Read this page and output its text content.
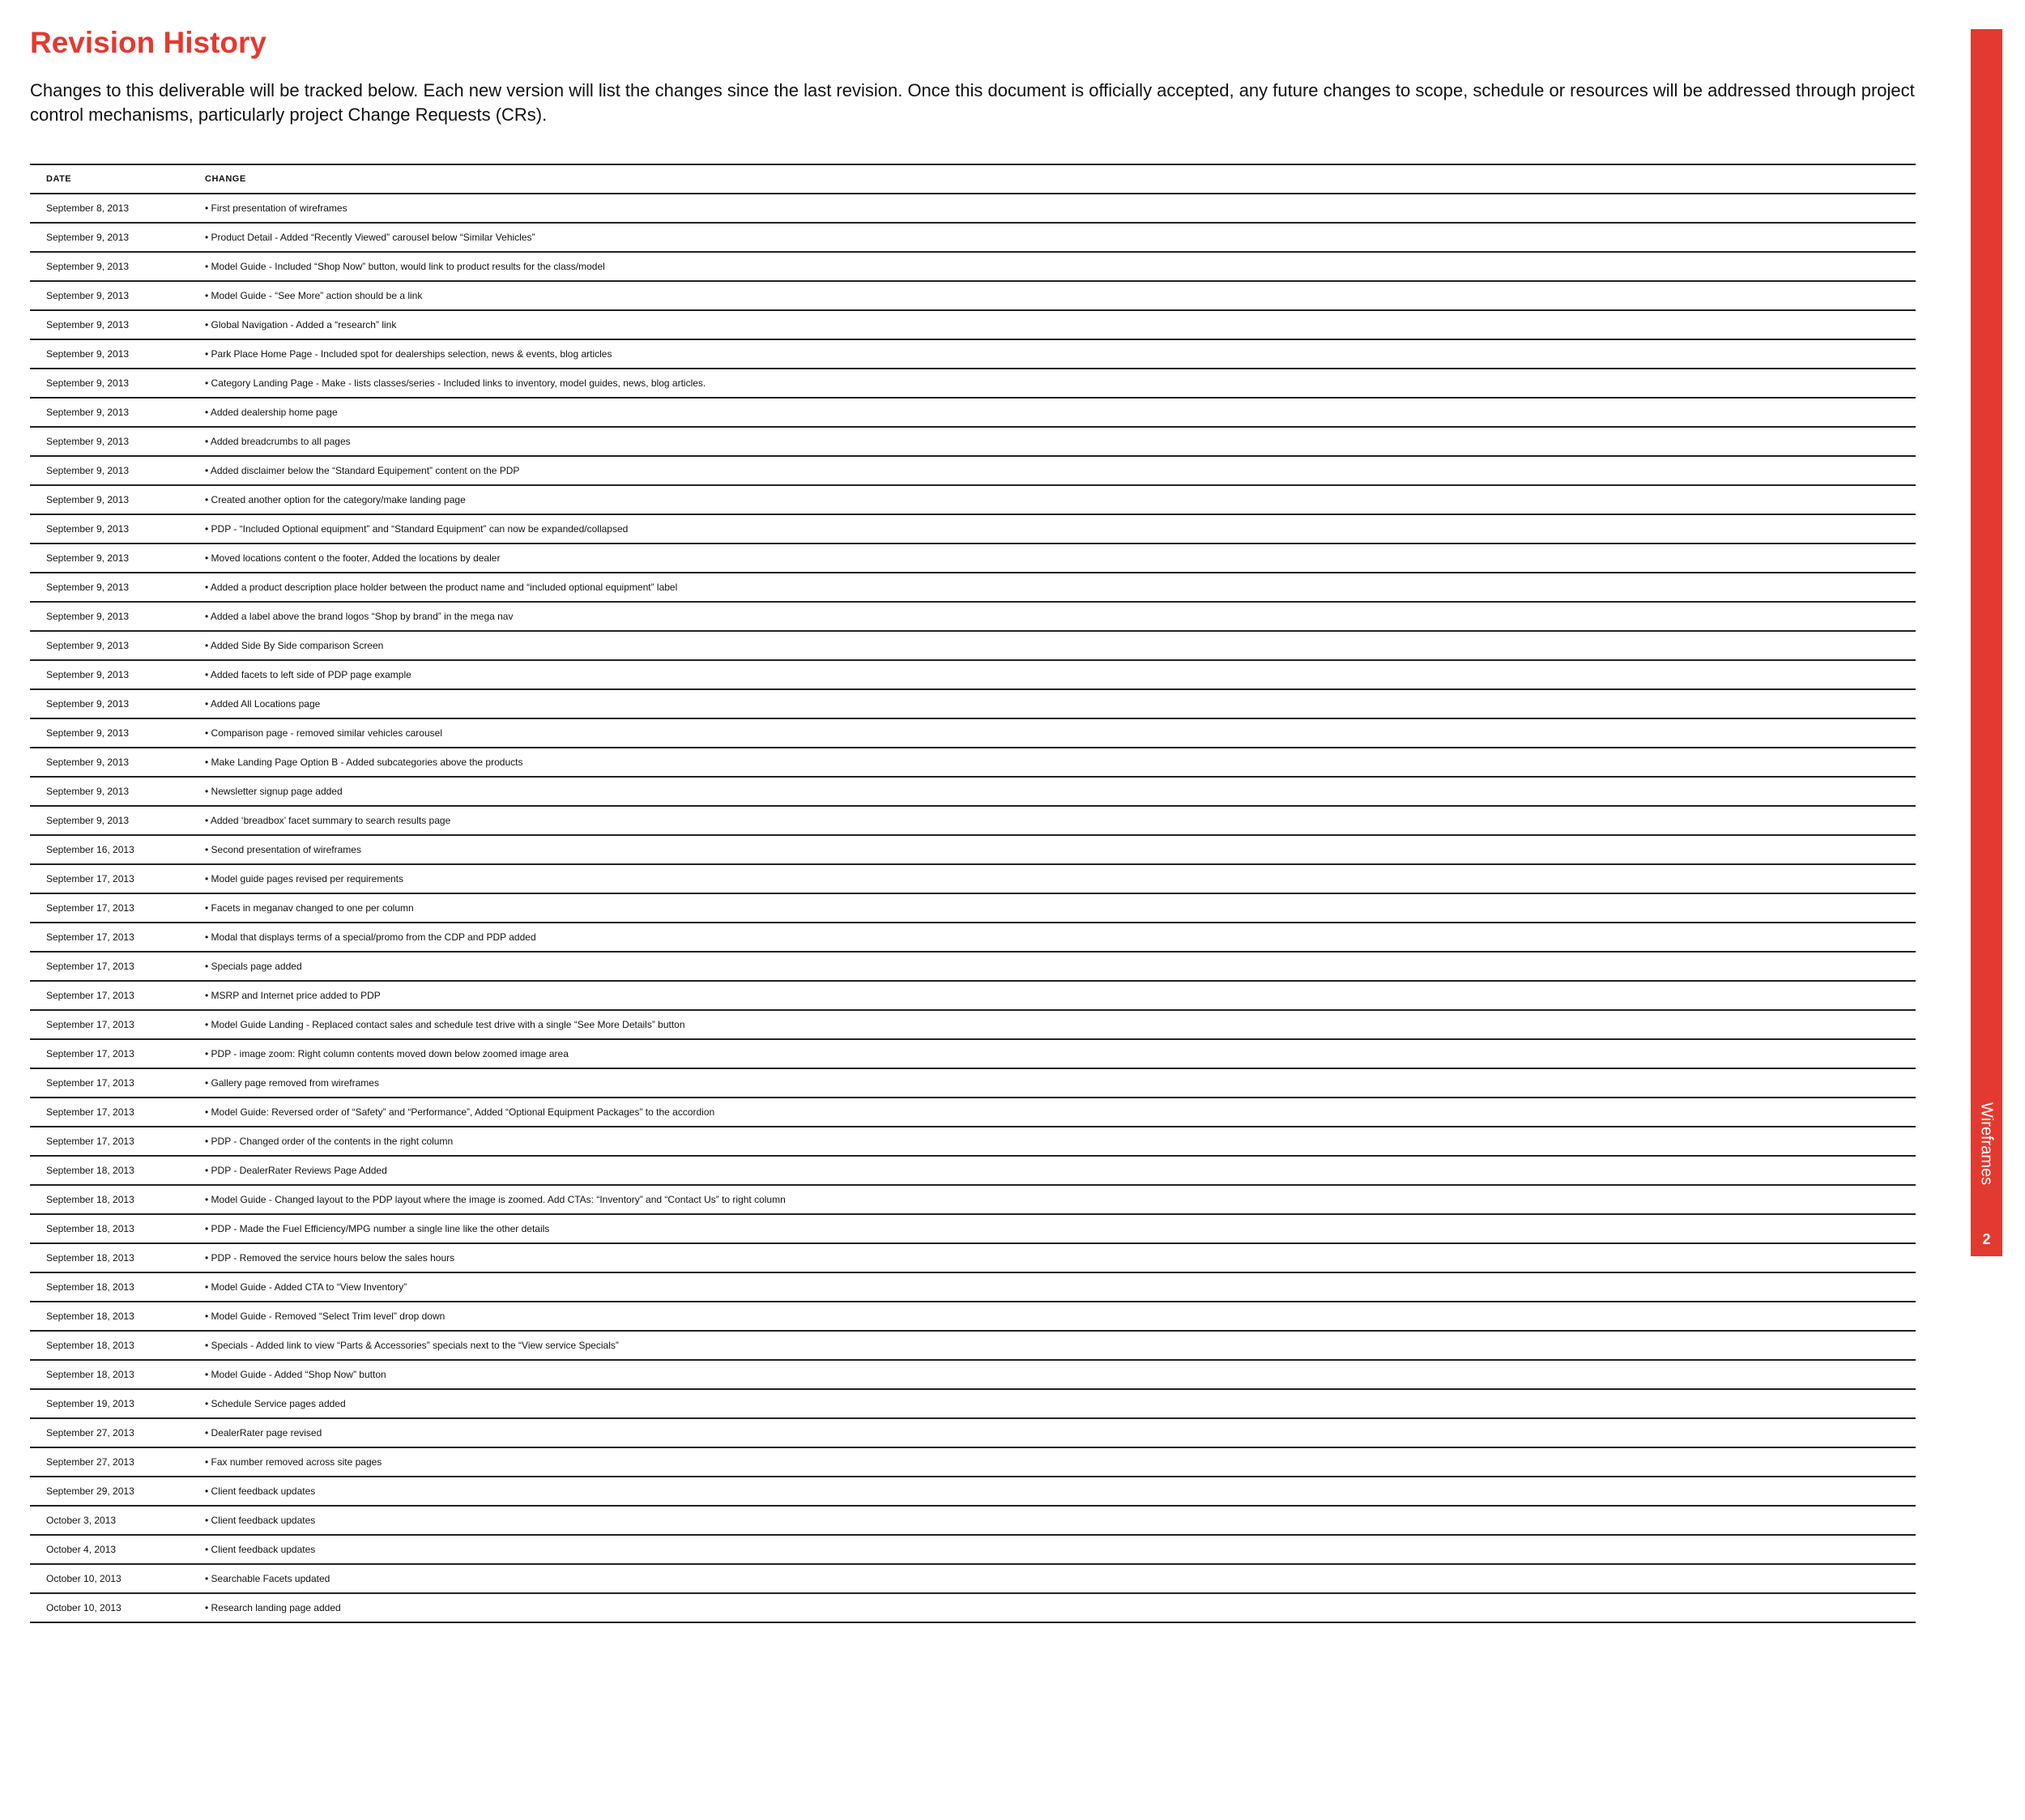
Revision History

Changes to this deliverable will be tracked below. Each new version will list the changes since the last revision. Once this document is officially accepted, any future changes to scope, schedule or resources will be addressed through project control mechanisms, particularly project Change Requests (CRs).

DATE	CHANGE
September 8, 2013	• First presentation of wireframes
September 9, 2013	• Product Detail - Added “Recently Viewed” carousel below “Similar Vehicles”
September 9, 2013	• Model Guide - Included “Shop Now” button, would link to product results for the class/model
September 9, 2013	• Model Guide - “See More” action should be a link
September 9, 2013	• Global Navigation - Added a “research” link
September 9, 2013	• Park Place Home Page - Included spot for dealerships selection, news & events, blog articles
September 9, 2013	• Category Landing Page - Make - lists classes/series - Included links to inventory, model guides, news, blog articles.
September 9, 2013	• Added dealership home page
September 9, 2013	• Added breadcrumbs to all pages
September 9, 2013	• Added disclaimer below the “Standard Equipement” content on the PDP
September 9, 2013	• Created another option for the category/make landing page
September 9, 2013	• PDP - “Included Optional equipment” and “Standard Equipment” can now be expanded/collapsed
September 9, 2013	• Moved locations content o the footer, Added the locations by dealer
September 9, 2013	• Added a product description place holder between the product name and “included optional equipment” label
September 9, 2013	• Added a label above the brand logos “Shop by brand” in the mega nav
September 9, 2013	• Added Side By Side comparison Screen
September 9, 2013	• Added facets to left side of PDP page example
September 9, 2013	• Added All Locations page
September 9, 2013	• Comparison page - removed similar vehicles carousel
September 9, 2013	• Make Landing Page Option B - Added subcategories above the products
September 9, 2013	• Newsletter signup page added
September 9, 2013	• Added ‘breadbox’ facet summary to search results page
September 16, 2013	• Second presentation of wireframes
September 17, 2013	• Model guide pages revised per requirements
September 17, 2013	• Facets in meganav changed to one per column
September 17, 2013	• Modal that displays terms of a special/promo from the CDP and PDP added
September 17, 2013	• Specials page added
September 17, 2013	• MSRP and Internet price added to PDP
September 17, 2013	• Model Guide Landing - Replaced contact sales and schedule test drive with a single “See More Details” button
September 17, 2013	• PDP - image zoom: Right column contents moved down below zoomed image area
September 17, 2013	• Gallery page removed from wireframes
September 17, 2013	• Model Guide: Reversed order of “Safety” and “Performance”, Added “Optional Equipment Packages” to the accordion
September 17, 2013	• PDP - Changed order of the contents in the right column
September 18, 2013	• PDP - DealerRater Reviews Page Added
September 18, 2013	• Model Guide - Changed layout to the PDP layout where the image is zoomed. Add CTAs: “Inventory” and “Contact Us” to right column
September 18, 2013	• PDP - Made the Fuel Efficiency/MPG number a single line like the other details
September 18, 2013	• PDP - Removed the service hours below the sales hours
September 18, 2013	• Model Guide - Added CTA to “View Inventory”
September 18, 2013	• Model Guide - Removed “Select Trim level” drop down
September 18, 2013	• Specials - Added link to view “Parts & Accessories” specials next to the “View service Specials”
September 18, 2013	• Model Guide - Added “Shop Now” button
September 19, 2013	• Schedule Service pages added
September 27, 2013	• DealerRater page revised
September 27, 2013	• Fax number removed across site pages
September 29, 2013	• Client feedback updates
October 3, 2013	• Client feedback updates
October 4, 2013	• Client feedback updates
October 10, 2013	• Searchable Facets updated
October 10, 2013	• Research landing page added
Wireframes
2
